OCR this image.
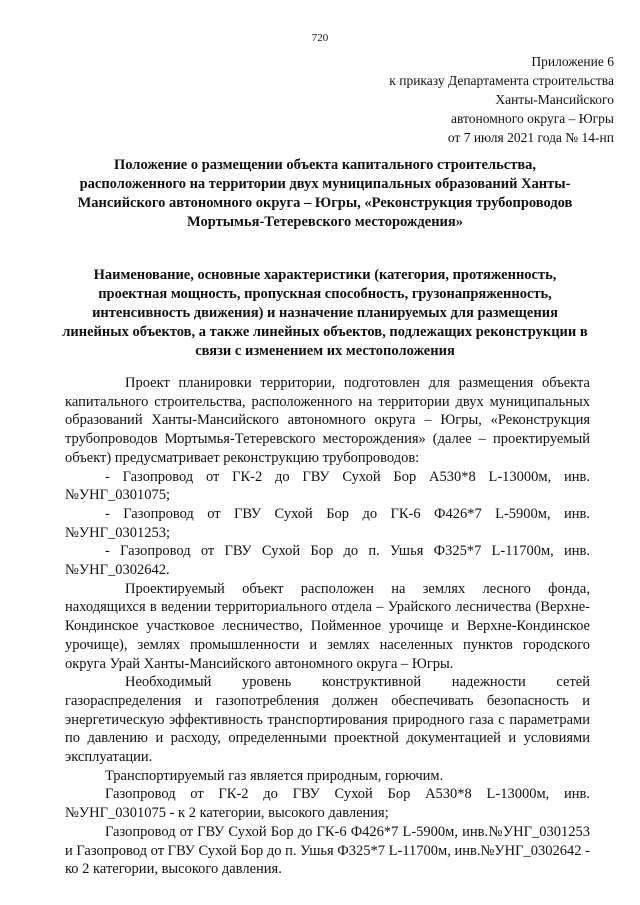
720
Приложение 6
к приказу Департамента строительства
Ханты-Мансийского
автономного округа – Югры
от 7 июля 2021 года № 14-нп
Положение о размещении объекта капитального строительства, расположенного на территории двух муниципальных образований Ханты-Мансийского автономного округа – Югры, «Реконструкция трубопроводов Мортымья-Тетеревского месторождения»
Наименование, основные характеристики (категория, протяженность, проектная мощность, пропускная способность, грузонапряженность, интенсивность движения) и назначение планируемых для размещения линейных объектов, а также линейных объектов, подлежащих реконструкции в связи с изменением их местоположения

Проект планировки территории, подготовлен для размещения объекта капитального строительства, расположенного на территории двух муниципальных образований Ханты-Мансийского автономного округа – Югры, «Реконструкция трубопроводов Мортымья-Тетеревского месторождения» (далее – проектируемый объект) предусматривает реконструкцию трубопроводов:

- Газопровод от ГК-2 до ГВУ Сухой Бор А530*8 L-13000м, инв.№УНГ_0301075;

- Газопровод от ГВУ Сухой Бор до ГК-6 Ф426*7 L-5900м, инв.№УНГ_0301253;

- Газопровод от ГВУ Сухой Бор до п. Ушья Ф325*7 L-11700м, инв.№УНГ_0302642.

Проектируемый объект расположен на землях лесного фонда, находящихся в ведении территориального отдела – Урайского лесничества (Верхне-Кондинское участковое лесничество, Пойменное урочище и Верхне-Кондинское урочище), землях промышленности и землях населенных пунктов городского округа Урай Ханты-Мансийского автономного округа – Югры.

Необходимый уровень конструктивной надежности сетей газораспределения и газопотребления должен обеспечивать безопасность и энергетическую эффективность транспортирования природного газа с параметрами по давлению и расходу, определенными проектной документацией и условиями эксплуатации.

Транспортируемый газ является природным, горючим.

Газопровод от ГК-2 до ГВУ Сухой Бор А530*8 L-13000м, инв.№УНГ_0301075 - к 2 категории, высокого давления;

Газопровод от ГВУ Сухой Бор до ГК-6 Ф426*7 L-5900м, инв.№УНГ_0301253 и Газопровод от ГВУ Сухой Бор до п. Ушья Ф325*7 L-11700м, инв.№УНГ_0302642 - ко 2 категории, высокого давления.
